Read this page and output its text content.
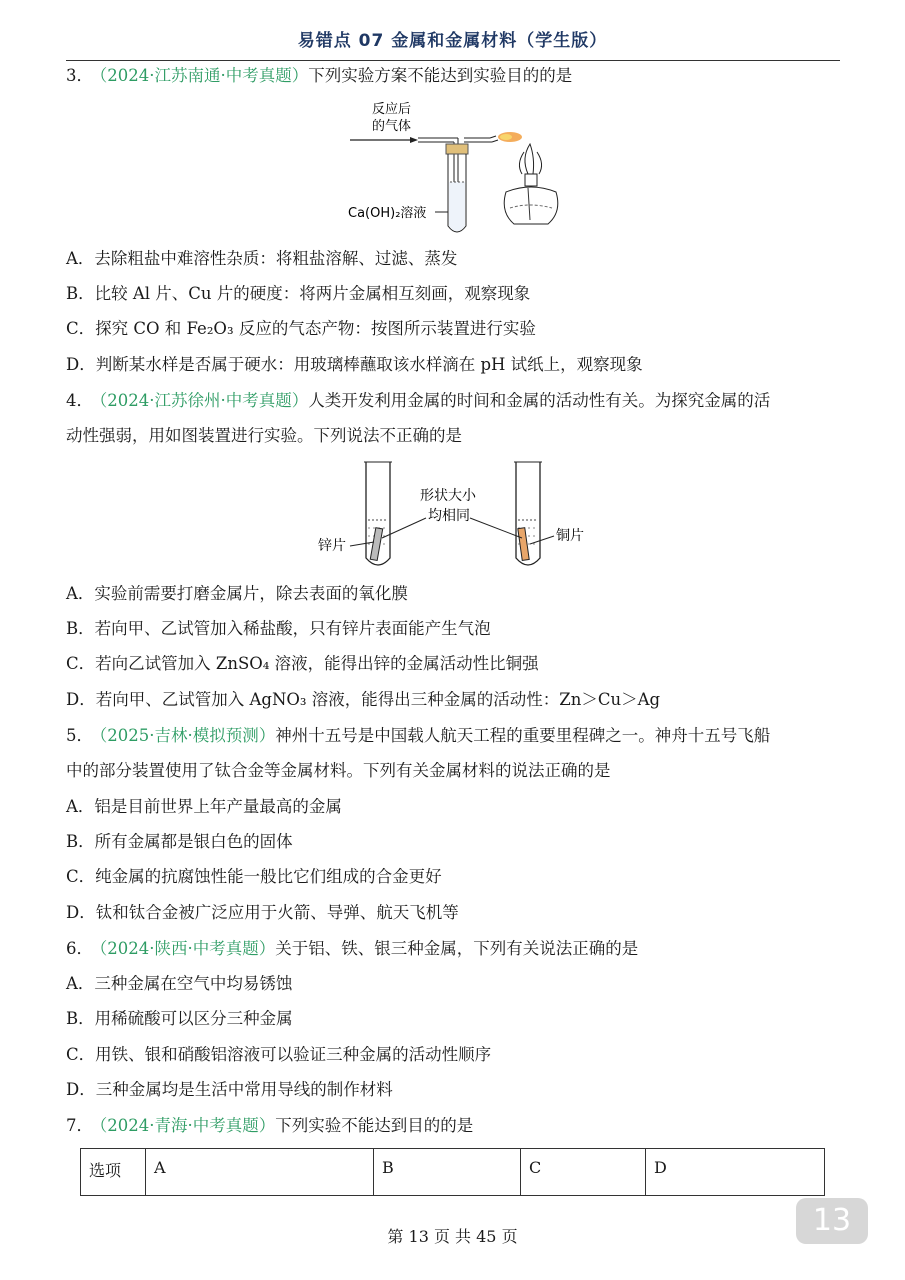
易错点 07 金属和金属材料（学生版）
3． （2024·江苏南通·中考真题）下列实验方案不能达到实验目的的是
反应后
的气体
Ca(OH)₂溶液
A．去除粗盐中难溶性杂质：将粗盐溶解、过滤、蒸发
B．比较 Al 片、Cu 片的硬度：将两片金属相互刻画，观察现象
C．探究 CO 和 Fe₂O₃ 反应的气态产物：按图所示装置进行实验
D．判断某水样是否属于硬水：用玻璃棒蘸取该水样滴在 pH 试纸上，观察现象
4． （2024·江苏徐州·中考真题）人类开发利用金属的时间和金属的活动性有关。为探究金属的活
动性强弱，用如图装置进行实验。下列说法不正确的是
形状大小
均相同
锌片
铜片
A．实验前需要打磨金属片，除去表面的氧化膜
B．若向甲、乙试管加入稀盐酸，只有锌片表面能产生气泡
C．若向乙试管加入 ZnSO₄ 溶液，能得出锌的金属活动性比铜强
D．若向甲、乙试管加入 AgNO₃ 溶液，能得出三种金属的活动性：Zn＞Cu＞Ag
5． （2025·吉林·模拟预测）神州十五号是中国载人航天工程的重要里程碑之一。神舟十五号飞船
中的部分装置使用了钛合金等金属材料。下列有关金属材料的说法正确的是
A．铝是目前世界上年产量最高的金属
B．所有金属都是银白色的固体
C．纯金属的抗腐蚀性能一般比它们组成的合金更好
D．钛和钛合金被广泛应用于火箭、导弹、航天飞机等
6． （2024·陕西·中考真题）关于铝、铁、银三种金属，下列有关说法正确的是
A．三种金属在空气中均易锈蚀
B．用稀硫酸可以区分三种金属
C．用铁、银和硝酸铝溶液可以验证三种金属的活动性顺序
D．三种金属均是生活中常用导线的制作材料
7． （2024·青海·中考真题）下列实验不能达到目的的是
选项	A	B	C	D
第 13 页 共 45 页	13
